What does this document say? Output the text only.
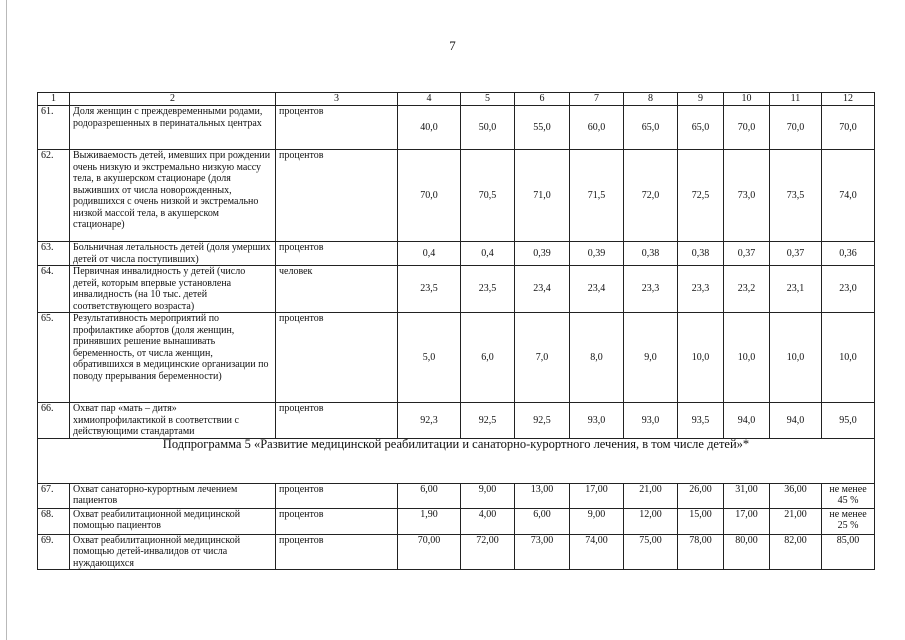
7
1	2	3	4	5	6	7	8	9	10	11	12
61.	Доля женщин с преждевременными родами, родоразрешенных в перинатальных центрах	процентов	40,0	50,0	55,0	60,0	65,0	65,0	70,0	70,0	70,0
62.	Выживаемость детей, имевших при рождении очень низкую и экстремально низкую массу тела, в акушерском стационаре (доля выживших от числа новорожденных, родившихся с очень низкой и экстремально низкой массой тела, в акушерском стационаре)	процентов	70,0	70,5	71,0	71,5	72,0	72,5	73,0	73,5	74,0
63.	Больничная летальность детей (доля умерших детей от числа поступивших)	процентов	0,4	0,4	0,39	0,39	0,38	0,38	0,37	0,37	0,36
64.	Первичная инвалидность у детей (число детей, которым впервые установлена инвалидность (на 10 тыс. детей соответствующего возраста)	человек	23,5	23,5	23,4	23,4	23,3	23,3	23,2	23,1	23,0
65.	Результативность мероприятий по профилактике абортов (доля женщин, принявших решение вынашивать беременность, от числа женщин, обратившихся в медицинские организации по поводу прерывания беременности)	процентов	5,0	6,0	7,0	8,0	9,0	10,0	10,0	10,0	10,0
66.	Охват пар «мать – дитя» химиопрофилактикой в соответствии с действующими стандартами	процентов	92,3	92,5	92,5	93,0	93,0	93,5	94,0	94,0	95,0
Подпрограмма 5 «Развитие медицинской реабилитации и санаторно-курортного лечения, в том числе детей»*											
67.	Охват санаторно-курортным лечением пациентов	процентов	6,00	9,00	13,00	17,00	21,00	26,00	31,00	36,00	не менее 45 %
68.	Охват реабилитационной медицинской помощью пациентов	процентов	1,90	4,00	6,00	9,00	12,00	15,00	17,00	21,00	не менее 25 %
69.	Охват реабилитационной медицинской помощью детей-инвалидов от числа нуждающихся	процентов	70,00	72,00	73,00	74,00	75,00	78,00	80,00	82,00	85,00
